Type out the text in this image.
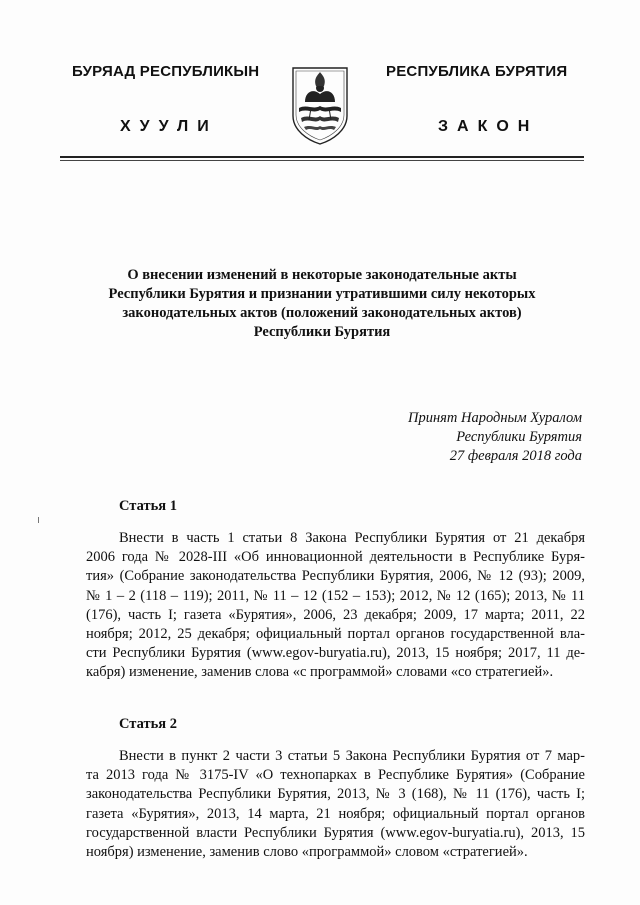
БУРЯАД РЕСПУБЛИКЫН	РЕСПУБЛИКА БУРЯТИЯ
ХУУЛИ	ЗАКОН
О внесении изменений в некоторые законодательные акты
Республики Бурятия и признании утратившими силу некоторых
законодательных актов (положений законодательных актов)
Республики Бурятия
Принят Народным Хуралом
Республики Бурятия
27 февраля 2018 года
Статья 1
Внести в часть 1 статьи 8 Закона Республики Бурятия от 21 декабря
2006 года № 2028-III «Об инновационной деятельности в Республике Буря-
тия» (Собрание законодательства Республики Бурятия, 2006, № 12 (93); 2009,
№ 1 – 2 (118 – 119); 2011, № 11 – 12 (152 – 153); 2012, № 12 (165); 2013, № 11
(176), часть I; газета «Бурятия», 2006, 23 декабря; 2009, 17 марта; 2011, 22
ноября; 2012, 25 декабря; официальный портал органов государственной вла-
сти Республики Бурятия (www.egov-buryatia.ru), 2013, 15 ноября; 2017, 11 де-
кабря) изменение, заменив слова «с программой» словами «со стратегией».
Статья 2
Внести в пункт 2 части 3 статьи 5 Закона Республики Бурятия от 7 мар-
та 2013 года № 3175-IV «О технопарках в Республике Бурятия» (Собрание
законодательства Республики Бурятия, 2013, № 3 (168), № 11 (176), часть I;
газета «Бурятия», 2013, 14 марта, 21 ноября; официальный портал органов
государственной власти Республики Бурятия (www.egov-buryatia.ru), 2013, 15
ноября) изменение, заменив слово «программой» словом «стратегией».
